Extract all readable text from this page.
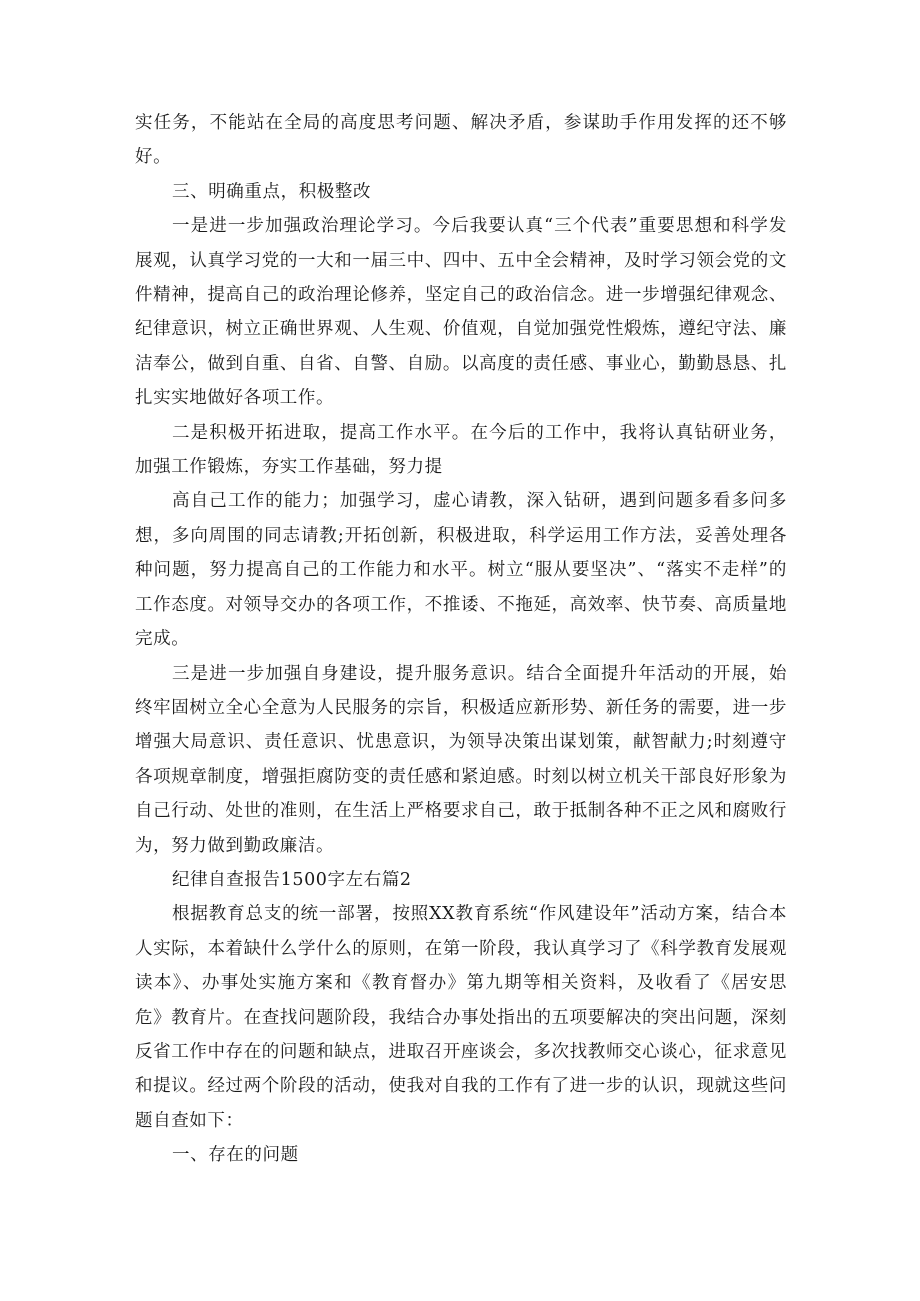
实任务，不能站在全局的高度思考问题、解决矛盾，参谋助手作用发挥的还不够好。

三、明确重点，积极整改

一是进一步加强政治理论学习。今后我要认真“三个代表”重要思想和科学发展观，认真学习党的一大和一届三中、四中、五中全会精神，及时学习领会党的文件精神，提高自己的政治理论修养，坚定自己的政治信念。进一步增强纪律观念、纪律意识，树立正确世界观、人生观、价值观，自觉加强党性煅炼，遵纪守法、廉洁奉公，做到自重、自省、自警、自励。以高度的责任感、事业心，勤勤恳恳、扎扎实实地做好各项工作。

二是积极开拓进取，提高工作水平。在今后的工作中，我将认真钻研业务，加强工作锻炼，夯实工作基础，努力提

高自己工作的能力；加强学习，虚心请教，深入钻研，遇到问题多看多问多想，多向周围的同志请教;开拓创新，积极进取，科学运用工作方法，妥善处理各种问题，努力提高自己的工作能力和水平。树立“服从要坚决”、“落实不走样”的工作态度。对领导交办的各项工作，不推诿、不拖延，高效率、快节奏、高质量地完成。

三是进一步加强自身建设，提升服务意识。结合全面提升年活动的开展，始终牢固树立全心全意为人民服务的宗旨，积极适应新形势、新任务的需要，进一步增强大局意识、责任意识、忧患意识，为领导决策出谋划策，献智献力;时刻遵守各项规章制度，增强拒腐防变的责任感和紧迫感。时刻以树立机关干部良好形象为自己行动、处世的准则，在生活上严格要求自己，敢于抵制各种不正之风和腐败行为，努力做到勤政廉洁。

纪律自查报告1500字左右篇2

根据教育总支的统一部署，按照XX教育系统“作风建设年”活动方案，结合本人实际，本着缺什么学什么的原则，在第一阶段，我认真学习了《科学教育发展观读本》、办事处实施方案和《教育督办》第九期等相关资料，及收看了《居安思危》教育片。在查找问题阶段，我结合办事处指出的五项要解决的突出问题，深刻反省工作中存在的问题和缺点，进取召开座谈会，多次找教师交心谈心，征求意见和提议。经过两个阶段的活动，使我对自我的工作有了进一步的认识，现就这些问题自查如下：

一、存在的问题
